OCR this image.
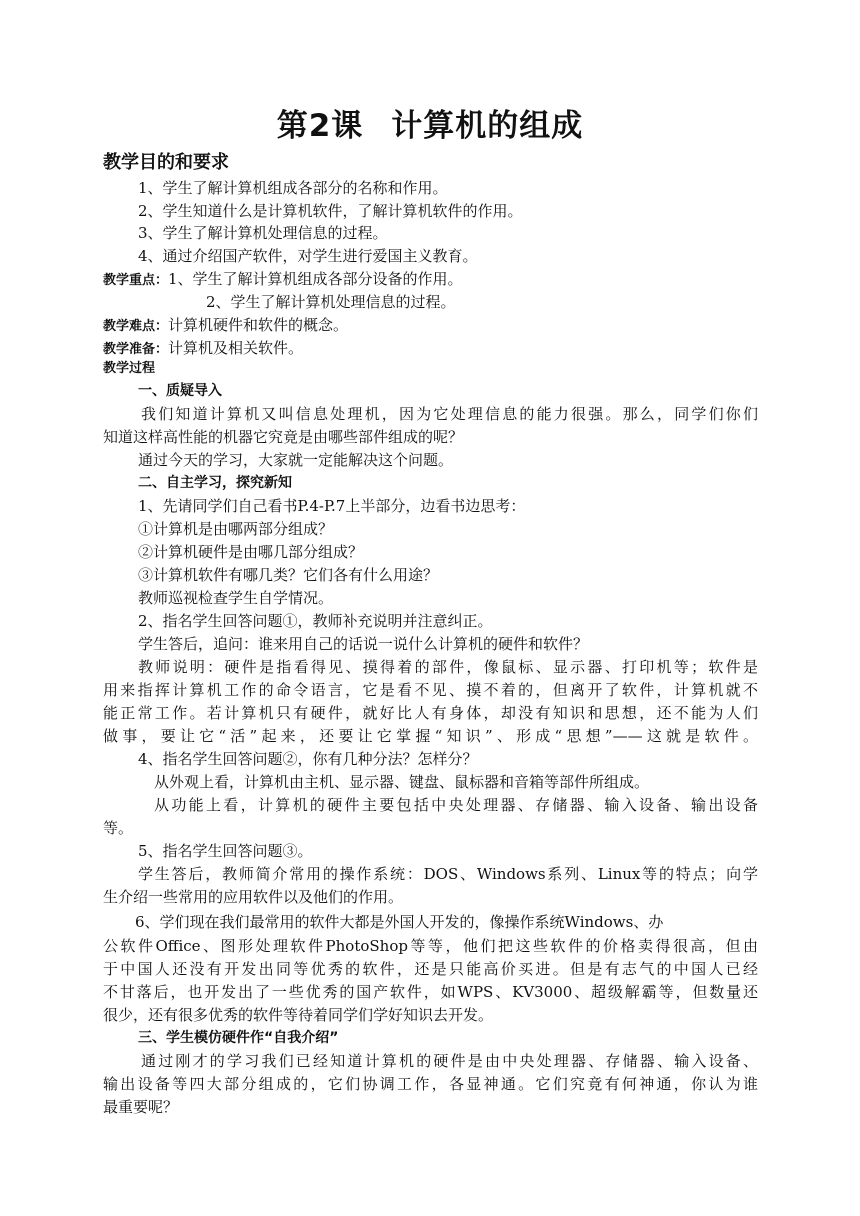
第2课 计算机的组成
教学目的和要求
1、学生了解计算机组成各部分的名称和作用。
2、学生知道什么是计算机软件，了解计算机软件的作用。
3、学生了解计算机处理信息的过程。
4、通过介绍国产软件，对学生进行爱国主义教育。
教学重点：1、学生了解计算机组成各部分设备的作用。
2、学生了解计算机处理信息的过程。
教学难点：计算机硬件和软件的概念。
教学准备：计算机及相关软件。
教学过程
一、质疑导入
我们知道计算机又叫信息处理机，因为它处理信息的能力很强。那么，同学们你们
知道这样高性能的机器它究竟是由哪些部件组成的呢？
通过今天的学习，大家就一定能解决这个问题。
二、自主学习，探究新知
1、先请同学们自己看书P.4-P.7上半部分，边看书边思考：
①计算机是由哪两部分组成？
②计算机硬件是由哪几部分组成？
③计算机软件有哪几类？它们各有什么用途？
教师巡视检查学生自学情况。
2、指名学生回答问题①，教师补充说明并注意纠正。
学生答后，追问：谁来用自己的话说一说什么计算机的硬件和软件？
教师说明：硬件是指看得见、摸得着的部件，像鼠标、显示器、打印机等；软件是
用来指挥计算机工作的命令语言，它是看不见、摸不着的，但离开了软件，计算机就不
能正常工作。若计算机只有硬件，就好比人有身体，却没有知识和思想，还不能为人们
做事，要让它“活”起来，还要让它掌握“知识”、形成“思想”——这就是软件。
4、指名学生回答问题②，你有几种分法？怎样分？
从外观上看，计算机由主机、显示器、键盘、鼠标器和音箱等部件所组成。
从功能上看，计算机的硬件主要包括中央处理器、存储器、输入设备、输出设备
等。
5、指名学生回答问题③。
学生答后，教师简介常用的操作系统：DOS、Windows系列、Linux等的特点；向学
生介绍一些常用的应用软件以及他们的作用。
6、学们现在我们最常用的软件大都是外国人开发的，像操作系统Windows、办
公软件Office、图形处理软件PhotoShop等等，他们把这些软件的价格卖得很高，但由
于中国人还没有开发出同等优秀的软件，还是只能高价买进。但是有志气的中国人已经
不甘落后，也开发出了一些优秀的国产软件，如WPS、KV3000、超级解霸等，但数量还
很少，还有很多优秀的软件等待着同学们学好知识去开发。
三、学生模仿硬件作“自我介绍”
通过刚才的学习我们已经知道计算机的硬件是由中央处理器、存储器、输入设备、
输出设备等四大部分组成的，它们协调工作，各显神通。它们究竟有何神通，你认为谁
最重要呢？
